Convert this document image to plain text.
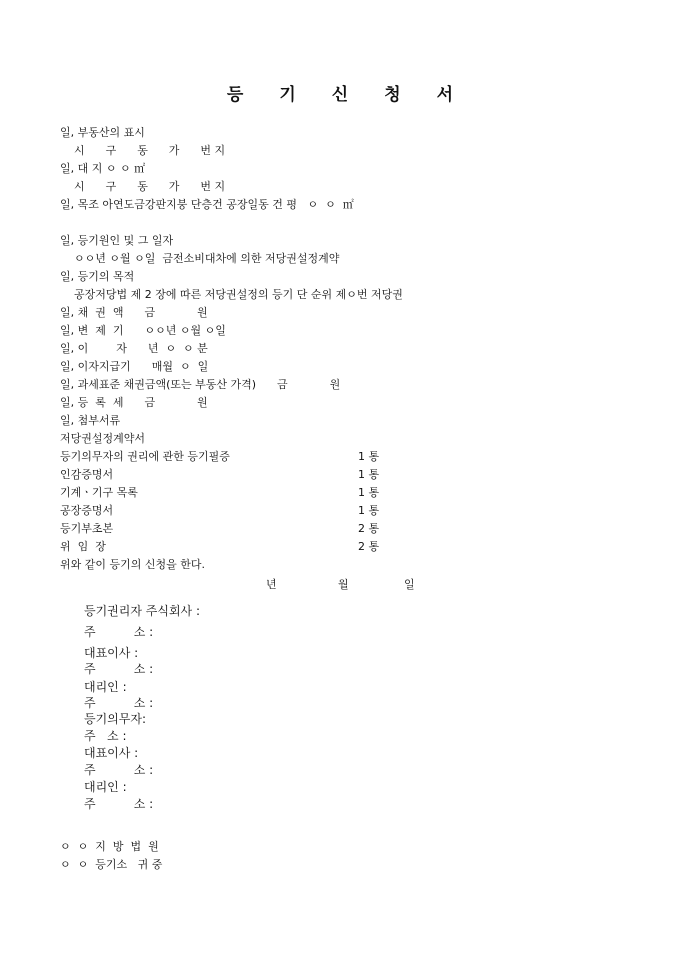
등 기 신 청 서
일, 부동산의 표시
시      구      동      가      번 지
일, 대 지 ㅇ ㅇ ㎡
시      구      동      가      번 지
일, 목조 아연도금강판지붕 단층건 공장일동 건 평   ㅇ  ㅇ  ㎡
일, 등기원인 및 그 일자
ㅇㅇ년 ㅇ월 ㅇ일  금전소비대차에 의한 저당권설정계약
일, 등기의 목적
공장저당법 제 2 장에 따른 저당권설정의 등기 단 순위 제ㅇ번 저당권
일, 채  권  액      금            원
일, 변  제  기      ㅇㅇ년 ㅇ월 ㅇ일
일, 이        자      년  ㅇ  ㅇ 분
일, 이자지급기      매월  ㅇ  일
일, 과세표준 채권금액(또는 부동산 가격)      금            원
일, 등  록  세      금            원
일, 첨부서류
저당권설정계약서
등기의무자의 권리에 관한 등기필증	1 통
인감증명서	1 통
기계ㆍ기구 목록	1 통
공장증명서	1 통
등기부초본	2 통
위  임  장	2 통
위와 같이 등기의 신청을 한다.
년	월	일
등기권리자 주식회사 :
주          소 :
대표이사 :
주          소 :
대리인 :
주          소 :
등기의무자:
주   소 :
대표이사 :
주          소 :
대리인 :
주          소 :
ㅇ  ㅇ  지  방  법  원
ㅇ  ㅇ  등기소   귀 중
